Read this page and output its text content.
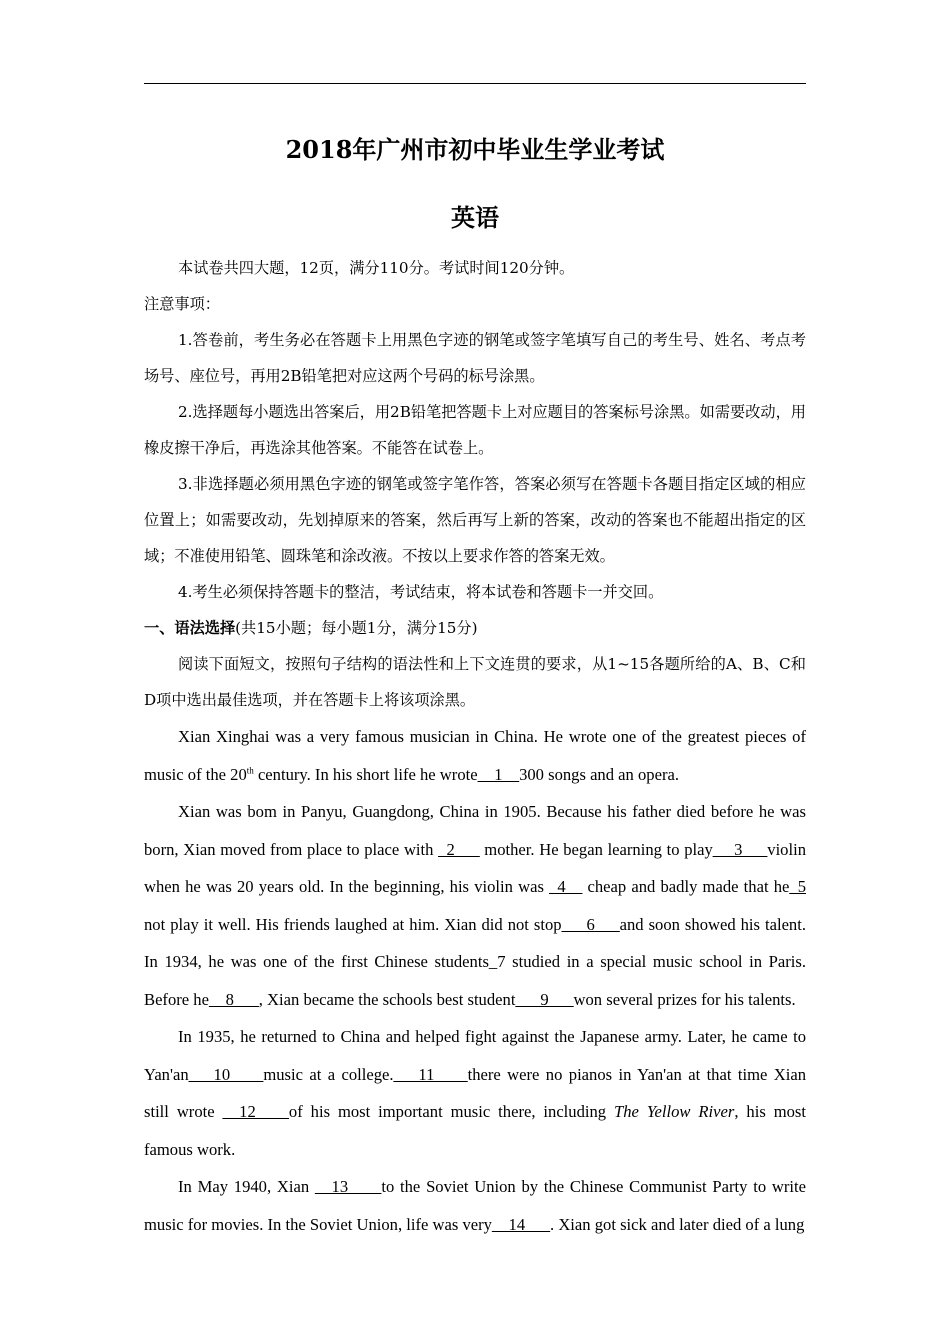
2018年广州市初中毕业生学业考试
英语

本试卷共四大题，12页，满分110分。考试时间120分钟。

注意事项：

1.答卷前，考生务必在答题卡上用黑色字迹的钢笔或签字笔填写自己的考生号、姓名、考点考场号、座位号，再用2B铅笔把对应这两个号码的标号涂黑。

2.选择题每小题选出答案后，用2B铅笔把答题卡上对应题目的答案标号涂黑。如需要改动，用橡皮擦干净后，再选涂其他答案。不能答在试卷上。

3.非选择题必须用黑色字迹的钢笔或签字笔作答，答案必须写在答题卡各题目指定区域的相应位置上；如需要改动，先划掉原来的答案，然后再写上新的答案，改动的答案也不能超出指定的区域；不准使用铅笔、圆珠笔和涂改液。不按以上要求作答的答案无效。

4.考生必须保持答题卡的整洁，考试结束，将本试卷和答题卡一并交回。

一、语法选择(共15小题；每小题1分，满分15分)

阅读下面短文，按照句子结构的语法性和上下文连贯的要求，从1~15各题所给的A、B、C和D项中选出最佳选项，并在答题卡上将该项涂黑。

Xian Xinghai was a very famous musician in China. He wrote one of the greatest pieces of music of the 20th century. In his short life he wrote__1__300 songs and an opera.

Xian was bom in Panyu, Guangdong, China in 1905. Because his father died before he was born, Xian moved from place to place with _2___ mother. He began learning to play_ _3___violin when he was 20 years old. In the beginning, his violin was _4__ cheap and badly made that he_5 not play it well. His friends laughed at him. Xian did not stop___6___and soon showed his talent. In 1934, he was one of the first Chinese students_7 studied in a special music school in Paris. Before he__8___, Xian became the schools best student___9___won several prizes for his talents.

In 1935, he returned to China and helped fight against the Japanese army. Later, he came to Yan'an___10____music at a college.___11____there were no pianos in Yan'an at that time Xian still wrote __12____of his most important music there, including The Yellow River, his most famous work.

In May 1940, Xian __13____to the Soviet Union by the Chinese Communist Party to write music for movies. In the Soviet Union, life was very__14___. Xian got sick and later died of a lung
